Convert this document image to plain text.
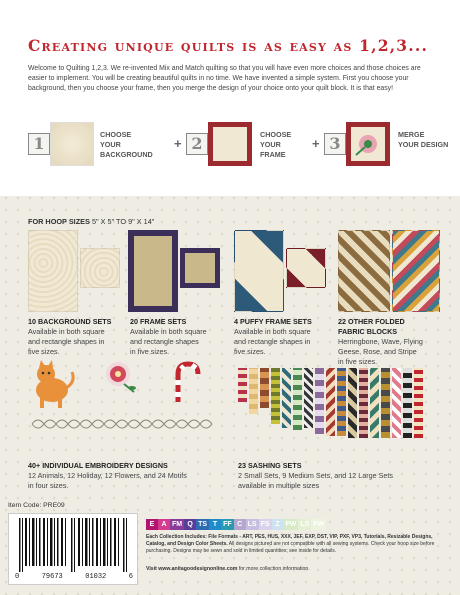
Creating unique quilts is as easy as 1,2,3...
Welcome to Quilting 1,2,3. We re-invented Mix and Match quilting so that you will have even more choices and those choices are easier to implement. You will be creating beautiful quilts in no time. We have invented a simple system. First you choose your background, then you choose your frame, then you merge the design of your choice onto your quilt block. It is that easy!
1	CHOOSE
YOUR
BACKGROUND
+ 2	CHOOSE
YOUR
FRAME
+ 3	MERGE
YOUR DESIGN
FOR HOOP SIZES 5" X 5" TO 9" X 14"
10 BACKGROUND SETS
Available in both square
and rectangle shapes in
five sizes.
20 FRAME SETS
Available in both square
and rectangle shapes
in five sizes.
4 PUFFY FRAME SETS
Available in both square
and rectangle shapes in
five sizes.
22 OTHER FOLDED
FABRIC BLOCKS
Herringbone, Wave, Flying
Geese, Rose, and Stripe
in five sizes.
40+ INDIVIDUAL EMBROIDERY DESIGNS
12 Animals, 12 Holiday, 12 Flowers, and 24 Motifs
in four sizes.
23 SASHING SETS
2 Small Sets, 9 Medium Sets, and 12 Large Sets
available in multiple sizes
Item Code: PRE09
0	79673	01032	6
E	A FM Q TS T FF C LS FS Z FW LS FW
Each Collection Includes: File Formats - ART, PES, HUS, XXX, JEF, EXP, DST, VIP, PXF, VP3, Tutorials, Resizable Designs, Catalog, and Design Color Sheets. All designs pictured are not compatible with all sewing systems. Check your hoop size before purchasing. Designs may be sewn and sold in limited quantities; see inside for details.
Visit www.anitagoodesignonline.com for more collection information.
